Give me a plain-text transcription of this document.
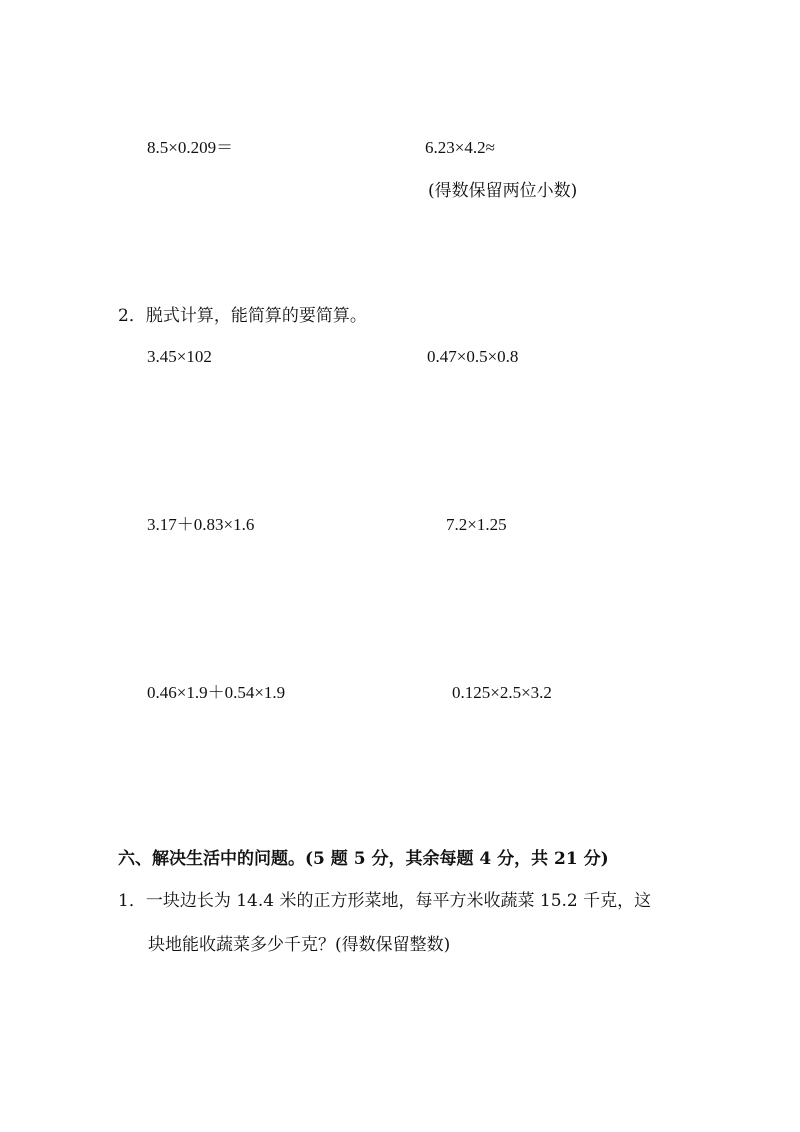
8.5×0.209＝	6.23×4.2≈
(得数保留两位小数)
2．脱式计算，能简算的要简算。
3.45×102	0.47×0.5×0.8
3.17＋0.83×1.6	7.2×1.25
0.46×1.9＋0.54×1.9	0.125×2.5×3.2
六、解决生活中的问题。(5 题 5 分，其余每题 4 分，共 21 分)
1．一块边长为 14.4 米的正方形菜地，每平方米收蔬菜 15.2 千克，这
块地能收蔬菜多少千克？(得数保留整数)
